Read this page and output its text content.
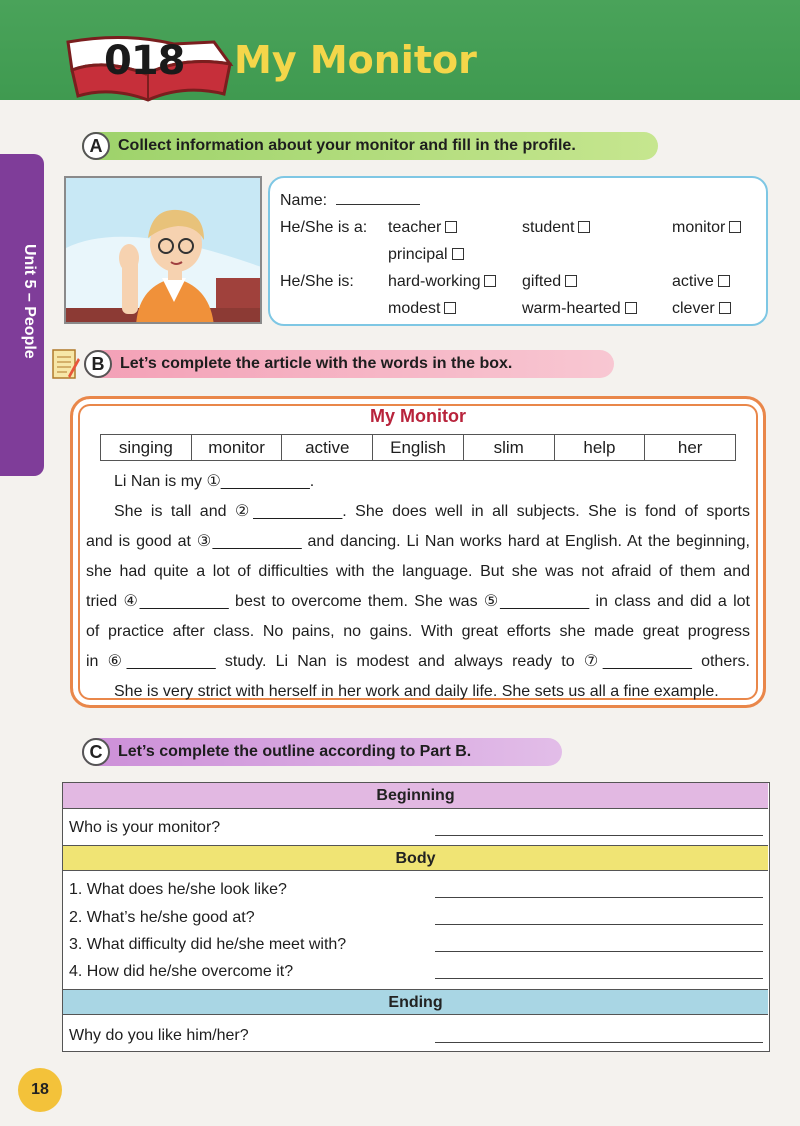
018 My Monitor
Unit 5 – People
A Collect information about your monitor and fill in the profile.
Name:
He/She is a: teacher	student	monitor
principal
He/She is: hard-working	gifted	active
modest	warm-hearted	clever
B Let’s complete the article with the words in the box.
My Monitor
singing	monitor	active	English	slim	help	her
Li Nan is my ①__________.
She is tall and ②__________. She does well in all subjects. She is fond of sports
and is good at ③__________ and dancing. Li Nan works hard at English. At the beginning,
she had quite a lot of difficulties with the language. But she was not afraid of them and
tried ④__________ best to overcome them. She was ⑤__________ in class and did a lot
of practice after class. No pains, no gains. With great efforts she made great progress
in ⑥__________ study. Li Nan is modest and always ready to ⑦__________ others.
She is very strict with herself in her work and daily life. She sets us all a fine example.
C Let’s complete the outline according to Part B.
Beginning
Who is your monitor?
Body
1. What does he/she look like?
2. What’s he/she good at?
3. What difficulty did he/she meet with?
4. How did he/she overcome it?
Ending
Why do you like him/her?
18
